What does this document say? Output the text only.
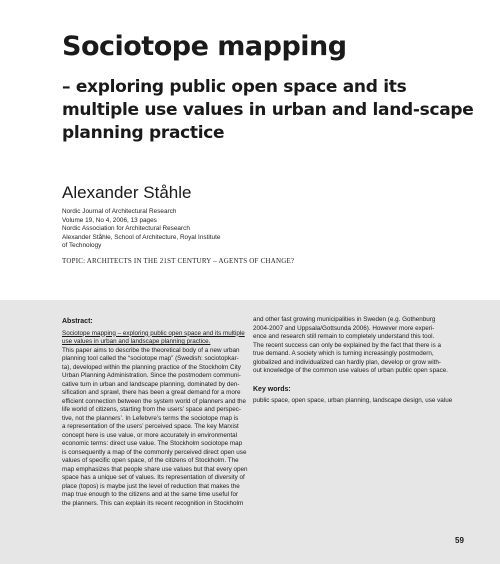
Sociotope mapping
– exploring public open space and its multiple use values in urban and land-scape planning practice
Alexander Ståhle
Nordic Journal of Architectural Research
Volume 19, No 4, 2006, 13 pages
Nordic Association for Architectural Research
Alexander Ståhle, School of Architecture, Royal Institute
of Technology
TOPIC: ARCHITECTS IN THE 21ST CENTURY – AGENTS OF CHANGE?
Abstract:
Sociotope mapping – exploring public open space and its multiple
use values in urban and landscape planning practice.
This paper aims to describe the theoretical body of a new urban
planning tool called the “sociotope map” (Swedish: sociotopkar-
ta), developed within the planning practice of the Stockholm City
Urban Planning Administration. Since the postmodern communi-
cative turn in urban and landscape planning, dominated by den-
sification and sprawl, there has been a great demand for a more
efficient connection between the system world of planners and the
life world of citizens, starting from the users’ space and perspec-
tive, not the planners’. In Lefebvre’s terms the sociotope map is
a representation of the users’ perceived space. The key Marxist
concept here is use value, or more accurately in environmental
economic terms: direct use value. The Stockholm sociotope map
is consequently a map of the commonly perceived direct open use
values of specific open space, of the citizens of Stockholm. The
map emphasizes that people share use values but that every open
space has a unique set of values. Its representation of diversity of
place (topos) is maybe just the level of reduction that makes the
map true enough to the citizens and at the same time useful for
the planners. This can explain its recent recognition in Stockholm
and other fast growing municipalities in Sweden (e.g. Gothenburg
2004-2007 and Uppsala/Gottsunda 2006). However more experi-
ence and research still remain to completely understand this tool.
The recent success can only be explained by the fact that there is a
true demand. A society which is turning increasingly postmodern,
globalized and individualized can hardly plan, develop or grow with-
out knowledge of the common use values of urban public open space.
Key words:
public space, open space, urban planning, landscape design, use value
59
